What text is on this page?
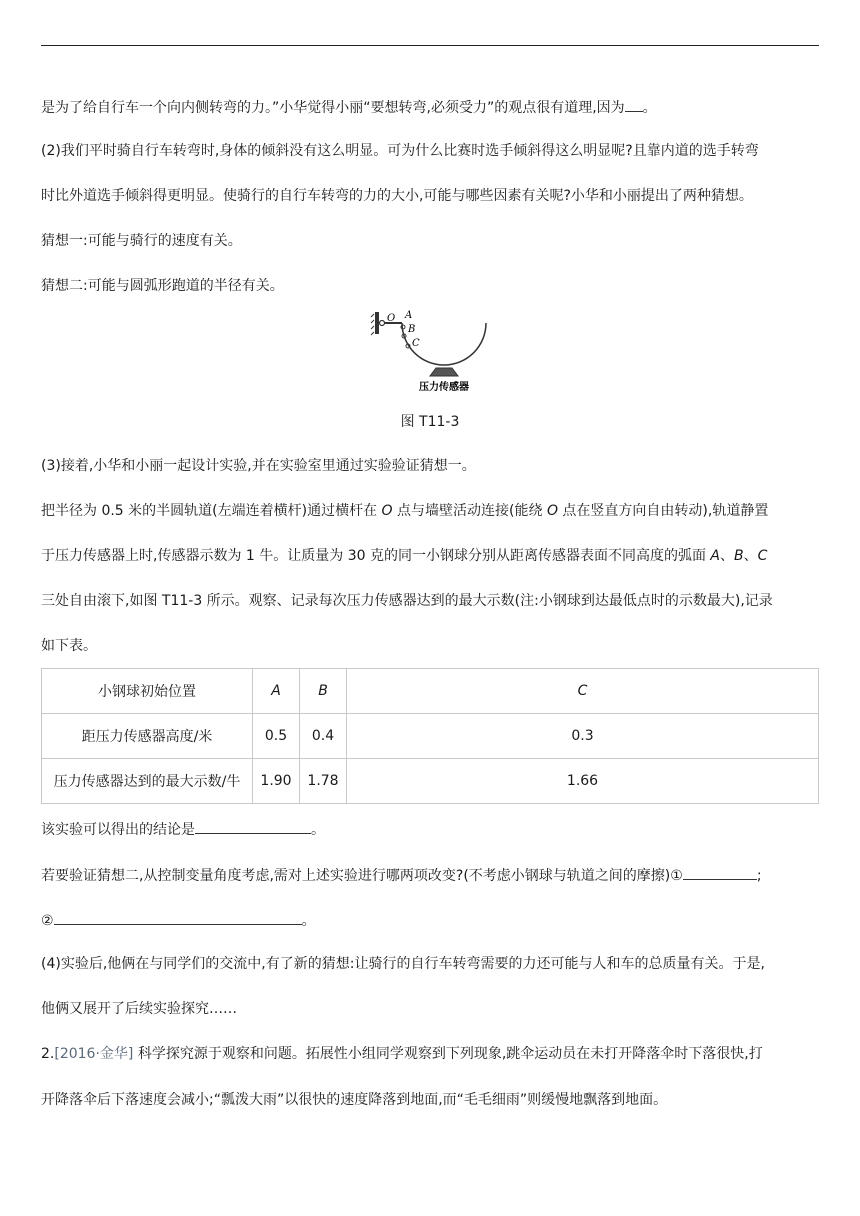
是为了给自行车一个向内侧转弯的力。”小华觉得小丽“要想转弯,必须受力”的观点很有道理,因为 。
(2)我们平时骑自行车转弯时,身体的倾斜没有这么明显。可为什么比赛时选手倾斜得这么明显呢?且靠内道的选手转弯
时比外道选手倾斜得更明显。使骑行的自行车转弯的力的大小,可能与哪些因素有关呢?小华和小丽提出了两种猜想。
猜想一:可能与骑行的速度有关。
猜想二:可能与圆弧形跑道的半径有关。
O A
B
C
压力传感器
图 T11-3
(3)接着,小华和小丽一起设计实验,并在实验室里通过实验验证猜想一。
把半径为 0.5 米的半圆轨道(左端连着横杆)通过横杆在 O 点与墙壁活动连接(能绕 O 点在竖直方向自由转动),轨道静置
于压力传感器上时,传感器示数为 1 牛。让质量为 30 克的同一小钢球分别从距离传感器表面不同高度的弧面 A、B、C
三处自由滚下,如图 T11-3 所示。观察、记录每次压力传感器达到的最大示数(注:小钢球到达最低点时的示数最大),记录
如下表。
小钢球初始位置	A	B	C
距压力传感器高度/米	0.5	0.4	0.3
压力传感器达到的最大示数/牛	1.90	1.78	1.66
该实验可以得出的结论是	。
若要验证猜想二,从控制变量角度考虑,需对上述实验进行哪两项改变?(不考虑小钢球与轨道之间的摩擦)①	;
②	。
(4)实验后,他俩在与同学们的交流中,有了新的猜想:让骑行的自行车转弯需要的力还可能与人和车的总质量有关。于是,
他俩又展开了后续实验探究……
2.[2016·金华] 科学探究源于观察和问题。拓展性小组同学观察到下列现象,跳伞运动员在未打开降落伞时下落很快,打
开降落伞后下落速度会减小;“瓢泼大雨”以很快的速度降落到地面,而“毛毛细雨”则缓慢地飘落到地面。
